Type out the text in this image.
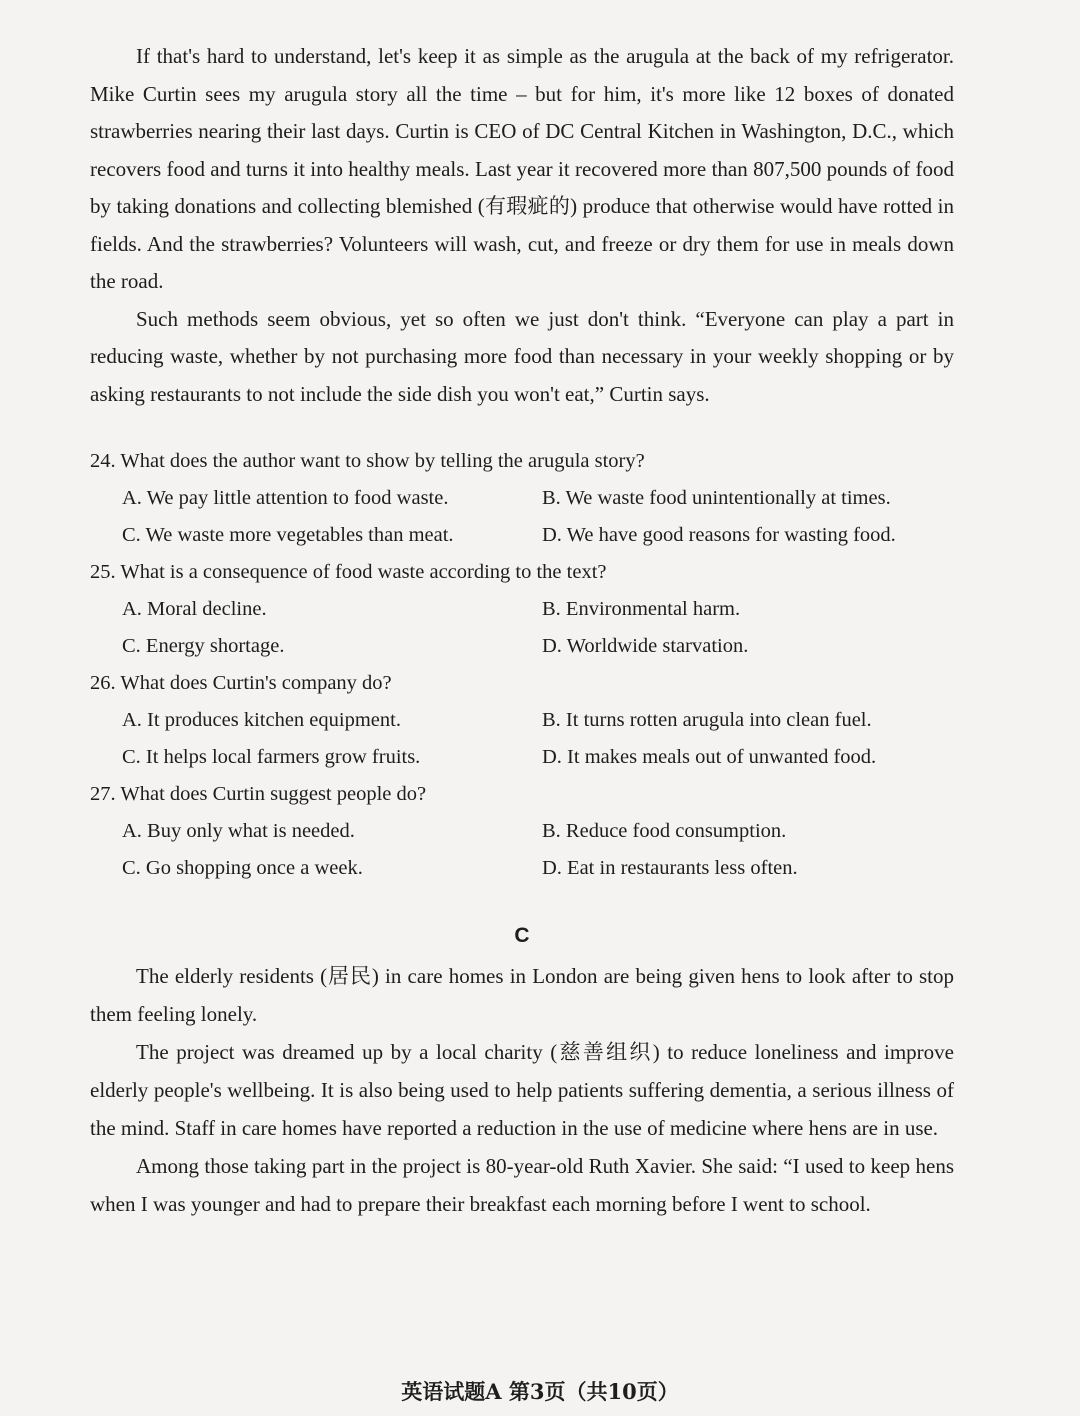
If that's hard to understand, let's keep it as simple as the arugula at the back of my refrigerator. Mike Curtin sees my arugula story all the time – but for him, it's more like 12 boxes of donated strawberries nearing their last days. Curtin is CEO of DC Central Kitchen in Washington, D.C., which recovers food and turns it into healthy meals. Last year it recovered more than 807,500 pounds of food by taking donations and collecting blemished (有瑕疵的) produce that otherwise would have rotted in fields. And the strawberries? Volunteers will wash, cut, and freeze or dry them for use in meals down the road.

Such methods seem obvious, yet so often we just don't think. “Everyone can play a part in reducing waste, whether by not purchasing more food than necessary in your weekly shopping or by asking restaurants to not include the side dish you won't eat,” Curtin says.

24. What does the author want to show by telling the arugula story?

A. We pay little attention to food waste.	B. We waste food unintentionally at times.
C. We waste more vegetables than meat.	D. We have good reasons for wasting food.

25. What is a consequence of food waste according to the text?

A. Moral decline.	B. Environmental harm.
C. Energy shortage.	D. Worldwide starvation.

26. What does Curtin's company do?

A. It produces kitchen equipment.	B. It turns rotten arugula into clean fuel.
C. It helps local farmers grow fruits.	D. It makes meals out of unwanted food.

27. What does Curtin suggest people do?

A. Buy only what is needed.	B. Reduce food consumption.
C. Go shopping once a week.	D. Eat in restaurants less often.
C

The elderly residents (居民) in care homes in London are being given hens to look after to stop them feeling lonely.

The project was dreamed up by a local charity (慈善组织) to reduce loneliness and improve elderly people's wellbeing. It is also being used to help patients suffering dementia, a serious illness of the mind. Staff in care homes have reported a reduction in the use of medicine where hens are in use.

Among those taking part in the project is 80-year-old Ruth Xavier. She said: “I used to keep hens when I was younger and had to prepare their breakfast each morning before I went to school.

英语试题A 第3页（共10页）
